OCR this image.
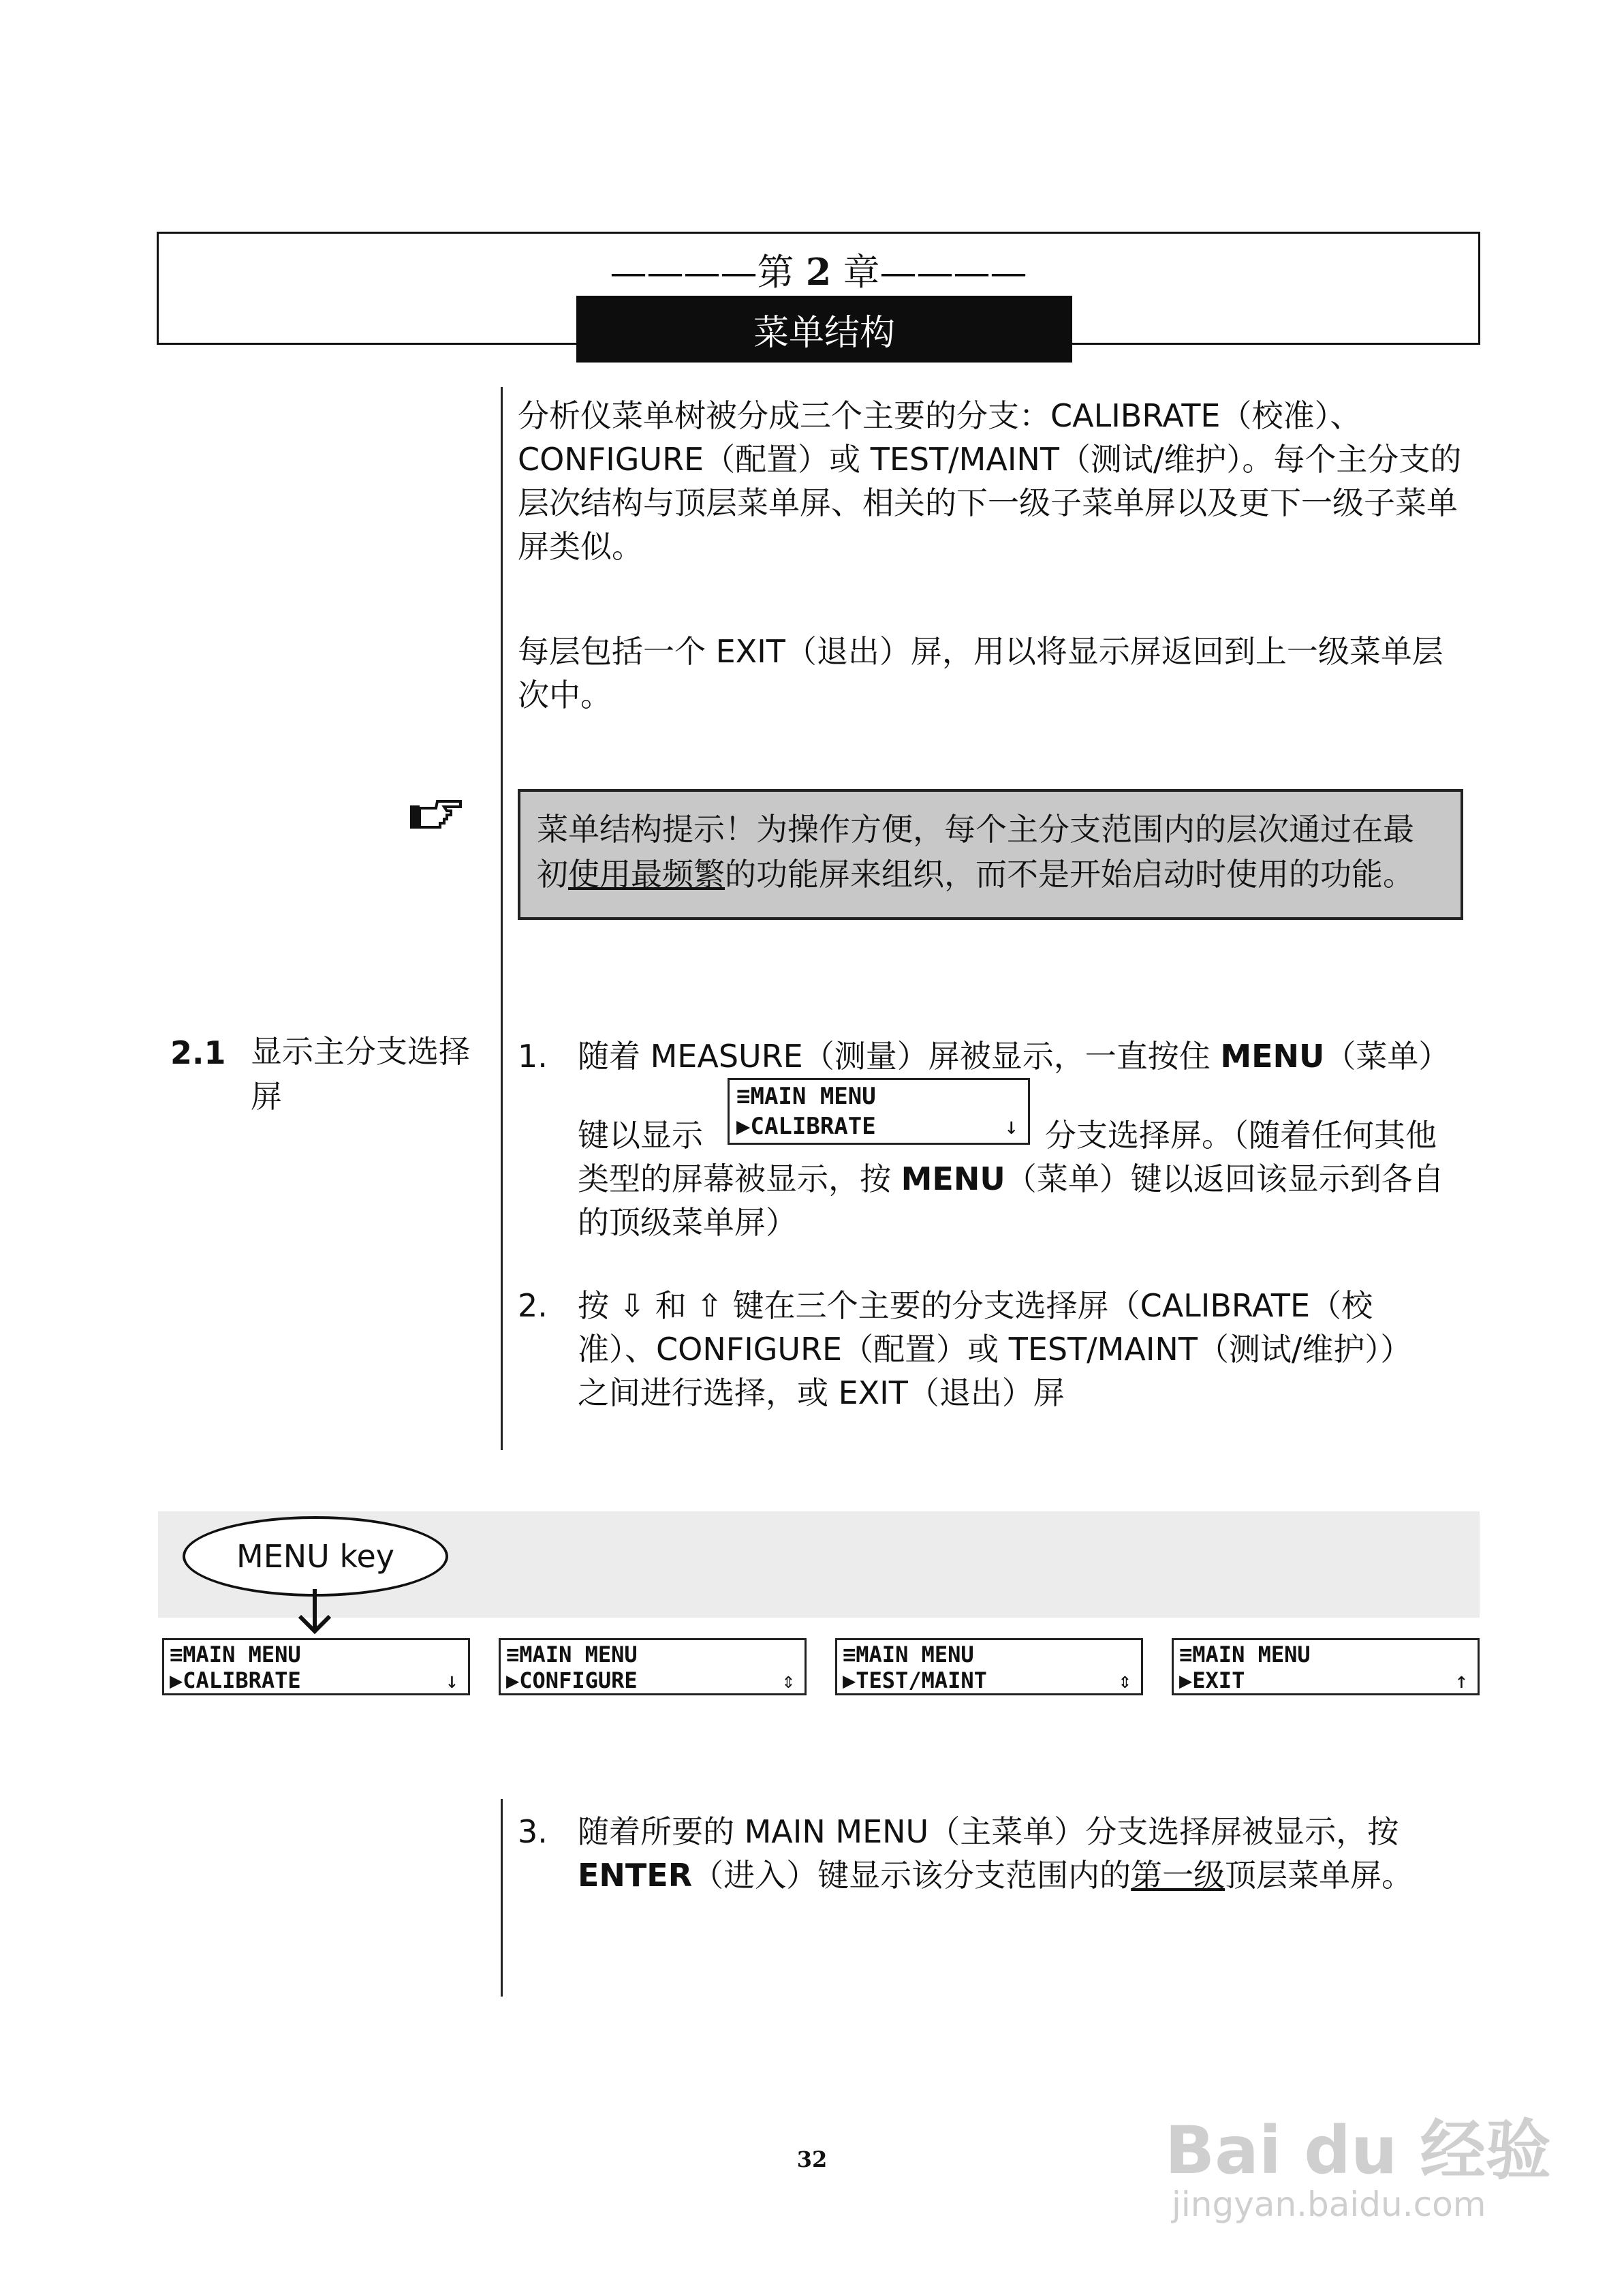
————第 2 章————
菜单结构
分析仪菜单树被分成三个主要的分支：CALIBRATE（校准）、CONFIGURE（配置）或 TEST/MAINT（测试/维护）。每个主分支的层次结构与顶层菜单屏、相关的下一级子菜单屏以及更下一级子菜单屏类似。
每层包括一个 EXIT（退出）屏，用以将显示屏返回到上一级菜单层次中。
菜单结构提示！为操作方便，每个主分支范围内的层次通过在最
初使用最频繁的功能屏来组织，而不是开始启动时使用的功能。
2.1 显示主分支选择屏
1. 随着 MEASURE（测量）屏被显示，一直按住 MENU（菜单）
键以显示
≡MAIN MENU
▶CALIBRATE	↓ 分支选择屏。（随着任何其他
类型的屏幕被显示，按 MENU（菜单）键以返回该显示到各自
的顶级菜单屏）
2. 按 ⇩ 和 ⇧ 键在三个主要的分支选择屏（CALIBRATE（校
准）、CONFIGURE（配置）或 TEST/MAINT（测试/维护））
之间进行选择，或 EXIT（退出）屏
MENU key
≡MAIN MENU
▶CALIBRATE	↓
≡MAIN MENU
▶CONFIGURE	⇕
≡MAIN MENU
▶TEST/MAINT	⇕
≡MAIN MENU
▶EXIT	↑
3. 随着所要的 MAIN MENU（主菜单）分支选择屏被显示，按
ENTER（进入）键显示该分支范围内的第一级顶层菜单屏。
32	Bai du 经验
jingyan.baidu.com
